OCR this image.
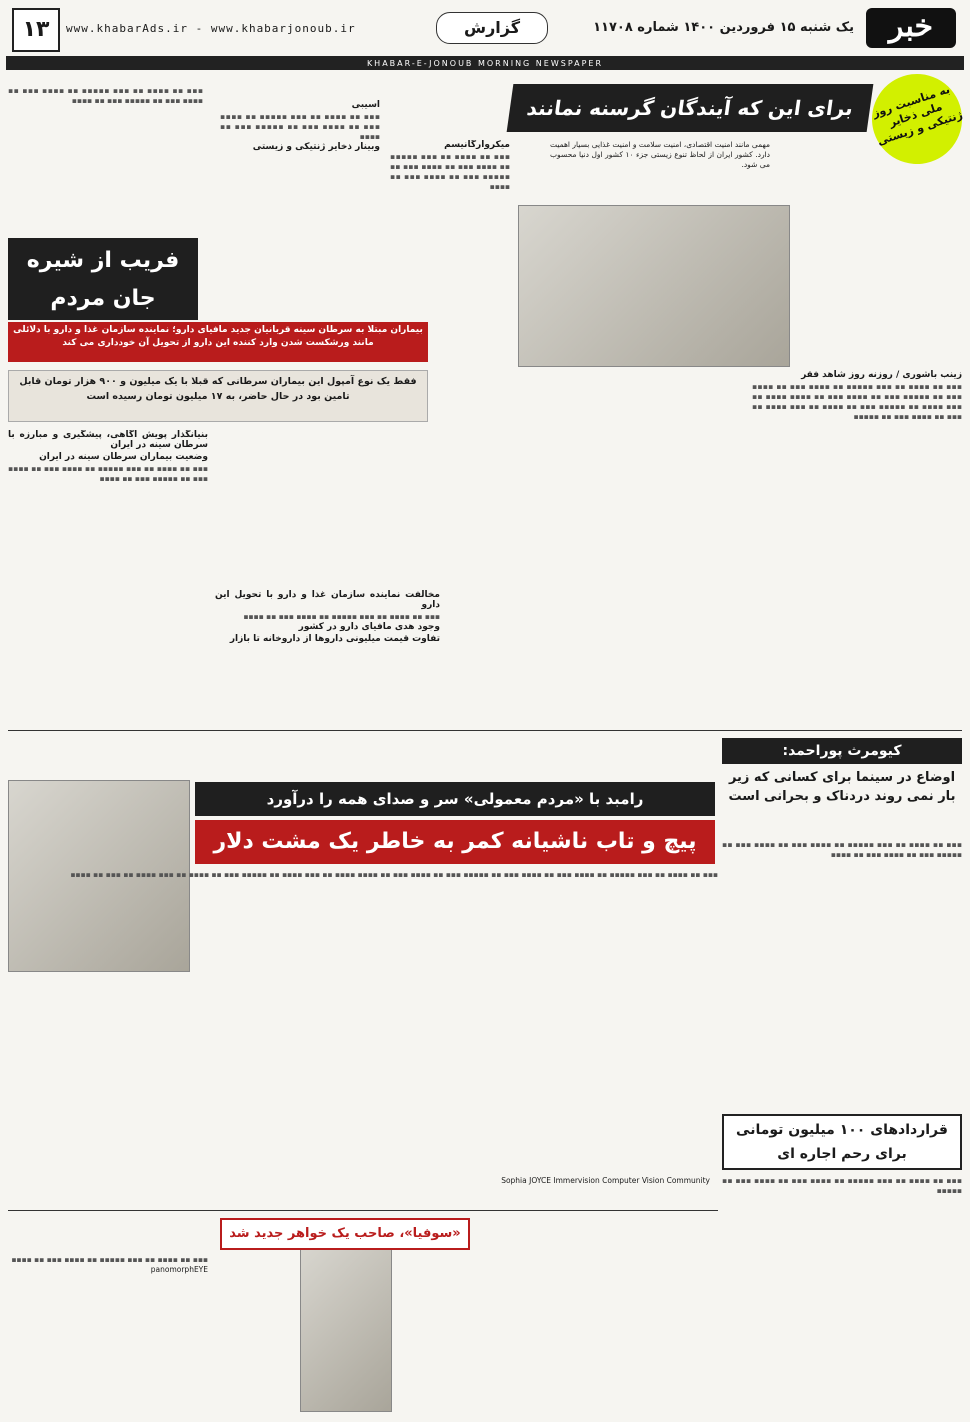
خبر
یک شنبه ۱۵ فروردین ۱۴۰۰ شماره ۱۱۷۰۸
گزارش
www.khabarAds.ir - www.khabarjonoub.ir
۱۳
KHABAR-E-JONOUB MORNING NEWSPAPER
به مناسبت روز ملی ذخایر ژنتیکی و زیستی
برای این که آیندگان گرسنه نمانند
مهمی مانند امنیت اقتصادی، امنیت سلامت و امنیت غذایی بسیار اهمیت دارد. کشور ایران از لحاظ تنوع زیستی جزء ۱۰ کشور اول دنیا محسوب می شود.
زینب باشوری / روزنه روز شاهد فقر
▪▪▪ ▪▪ ▪▪▪▪ ▪▪ ▪▪▪ ▪▪▪▪▪ ▪▪ ▪▪▪▪ ▪▪▪ ▪▪ ▪▪▪▪ ▪▪▪ ▪▪ ▪▪▪▪▪ ▪▪▪ ▪▪ ▪▪▪▪ ▪▪▪ ▪▪ ▪▪▪▪ ▪▪▪▪ ▪▪ ▪▪▪ ▪▪▪▪ ▪▪ ▪▪▪▪▪ ▪▪▪ ▪▪ ▪▪▪▪ ▪▪ ▪▪▪ ▪▪▪▪ ▪▪ ▪▪▪ ▪▪ ▪▪▪▪ ▪▪▪ ▪▪ ▪▪▪▪▪
میکروارگانیسم
▪▪▪ ▪▪ ▪▪▪▪ ▪▪ ▪▪▪ ▪▪▪▪▪ ▪▪ ▪▪▪▪ ▪▪▪ ▪▪ ▪▪▪▪ ▪▪▪ ▪▪ ▪▪▪▪▪ ▪▪▪ ▪▪ ▪▪▪▪ ▪▪▪ ▪▪ ▪▪▪▪
آسیبی
▪▪▪ ▪▪ ▪▪▪▪ ▪▪ ▪▪▪ ▪▪▪▪▪ ▪▪ ▪▪▪▪ ▪▪▪ ▪▪ ▪▪▪▪ ▪▪▪ ▪▪ ▪▪▪▪▪ ▪▪▪ ▪▪ ▪▪▪▪
وبینار ذخایر ژنتیکی و زیستی
▪▪▪ ▪▪ ▪▪▪▪ ▪▪ ▪▪▪ ▪▪▪▪▪ ▪▪ ▪▪▪▪ ▪▪▪ ▪▪ ▪▪▪▪ ▪▪▪ ▪▪ ▪▪▪▪▪ ▪▪▪ ▪▪ ▪▪▪▪
فریب از شیره جان مردم
بیماران مبتلا به سرطان سینه قربانیان جدید مافیای دارو؛ نماینده سازمان غذا و دارو با دلائلی مانند ورشکست شدن وارد کننده این دارو از تحویل آن خودداری می کند
فقط یک نوع آمپول این بیماران سرطانی که قبلا با یک میلیون و ۹۰۰ هزار تومان قابل تامین بود در حال حاضر، به ۱۷ میلیون تومان رسیده است
بنیانگذار پویش آگاهی، پیشگیری و مبارزه با سرطان سینه در ایران
وضعیت بیماران سرطان سینه در ایران
▪▪▪ ▪▪ ▪▪▪▪ ▪▪ ▪▪▪ ▪▪▪▪▪ ▪▪ ▪▪▪▪ ▪▪▪ ▪▪ ▪▪▪▪ ▪▪▪ ▪▪ ▪▪▪▪▪ ▪▪▪ ▪▪ ▪▪▪▪
مخالفت نماینده سازمان غذا و دارو با تحویل این دارو
▪▪▪ ▪▪ ▪▪▪▪ ▪▪ ▪▪▪ ▪▪▪▪▪ ▪▪ ▪▪▪▪ ▪▪▪ ▪▪ ▪▪▪▪
وجود هدی مافیای دارو در کشور
تفاوت قیمت میلیونی داروها از داروخانه تا بازار
رامبد با «مردم معمولی» سر و صدای همه را درآورد
پیچ و تاب ناشیانه کمر به خاطر یک مشت دلار
▪▪▪ ▪▪ ▪▪▪▪ ▪▪ ▪▪▪ ▪▪▪▪▪ ▪▪ ▪▪▪▪ ▪▪▪ ▪▪ ▪▪▪▪ ▪▪▪ ▪▪ ▪▪▪▪▪ ▪▪▪ ▪▪ ▪▪▪▪ ▪▪▪ ▪▪ ▪▪▪▪ ▪▪▪▪ ▪▪ ▪▪▪ ▪▪▪▪ ▪▪ ▪▪▪▪▪ ▪▪▪ ▪▪ ▪▪▪▪ ▪▪ ▪▪▪ ▪▪▪▪ ▪▪ ▪▪▪ ▪▪ ▪▪▪▪
کیومرث پوراحمد:
اوضاع در سینما برای کسانی که زیر بار نمی روند دردناک و بحرانی است
▪▪▪ ▪▪ ▪▪▪▪ ▪▪ ▪▪▪ ▪▪▪▪▪ ▪▪ ▪▪▪▪ ▪▪▪ ▪▪ ▪▪▪▪ ▪▪▪ ▪▪ ▪▪▪▪▪ ▪▪▪ ▪▪ ▪▪▪▪ ▪▪▪ ▪▪ ▪▪▪▪
قراردادهای ۱۰۰ میلیون تومانی برای رحم اجاره ای
▪▪▪ ▪▪ ▪▪▪▪ ▪▪ ▪▪▪ ▪▪▪▪▪ ▪▪ ▪▪▪▪ ▪▪▪ ▪▪ ▪▪▪▪ ▪▪▪ ▪▪ ▪▪▪▪▪
«سوفیا»، صاحب یک خواهر جدید شد
▪▪▪ ▪▪ ▪▪▪▪ ▪▪ ▪▪▪ ▪▪▪▪▪ ▪▪ ▪▪▪▪ ▪▪▪ ▪▪ ▪▪▪▪
panomorphEYE
Sophia JOYCE Immervision Computer Vision Community
